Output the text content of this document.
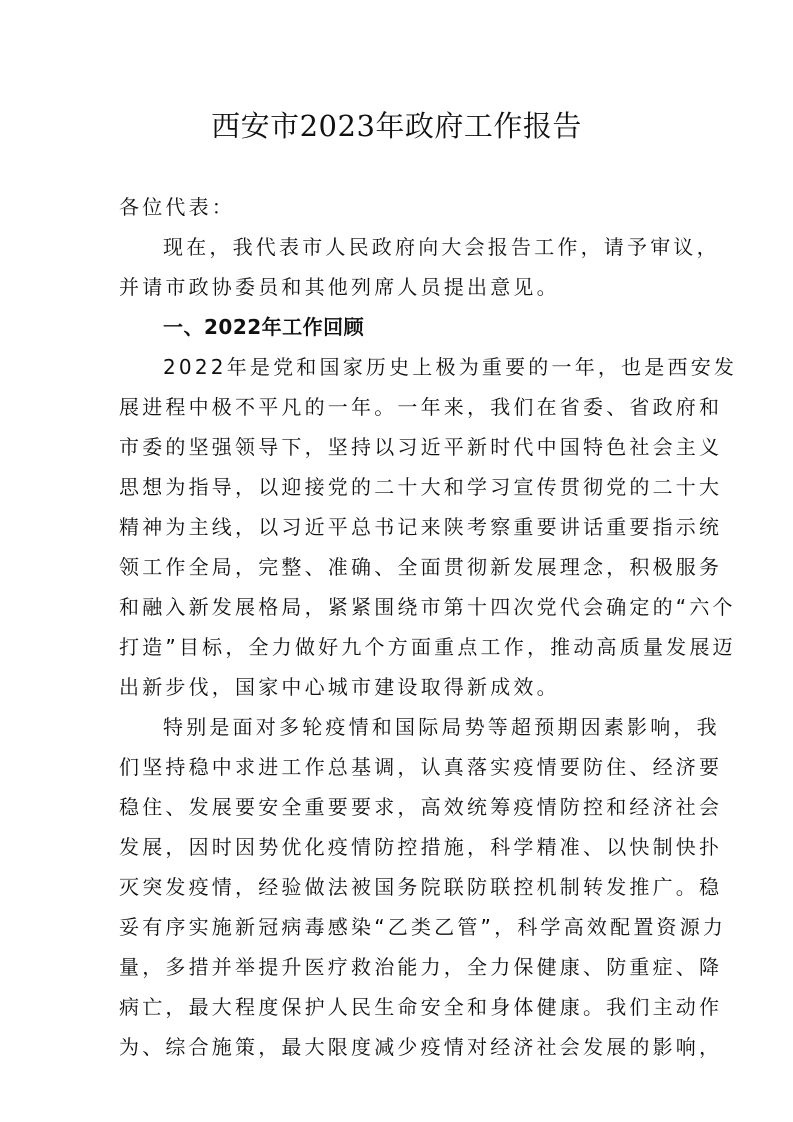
西安市2023年政府工作报告
各位代表：
现在，我代表市人民政府向大会报告工作，请予审议，
并请市政协委员和其他列席人员提出意见。
一、2022年工作回顾
2022年是党和国家历史上极为重要的一年，也是西安发
展进程中极不平凡的一年。一年来，我们在省委、省政府和
市委的坚强领导下，坚持以习近平新时代中国特色社会主义
思想为指导，以迎接党的二十大和学习宣传贯彻党的二十大
精神为主线，以习近平总书记来陕考察重要讲话重要指示统
领工作全局，完整、准确、全面贯彻新发展理念，积极服务
和融入新发展格局，紧紧围绕市第十四次党代会确定的“六个
打造”目标，全力做好九个方面重点工作，推动高质量发展迈
出新步伐，国家中心城市建设取得新成效。
特别是面对多轮疫情和国际局势等超预期因素影响，我
们坚持稳中求进工作总基调，认真落实疫情要防住、经济要
稳住、发展要安全重要要求，高效统筹疫情防控和经济社会
发展，因时因势优化疫情防控措施，科学精准、以快制快扑
灭突发疫情，经验做法被国务院联防联控机制转发推广。稳
妥有序实施新冠病毒感染“乙类乙管”，科学高效配置资源力
量，多措并举提升医疗救治能力，全力保健康、防重症、降
病亡，最大程度保护人民生命安全和身体健康。我们主动作
为、综合施策，最大限度减少疫情对经济社会发展的影响，
